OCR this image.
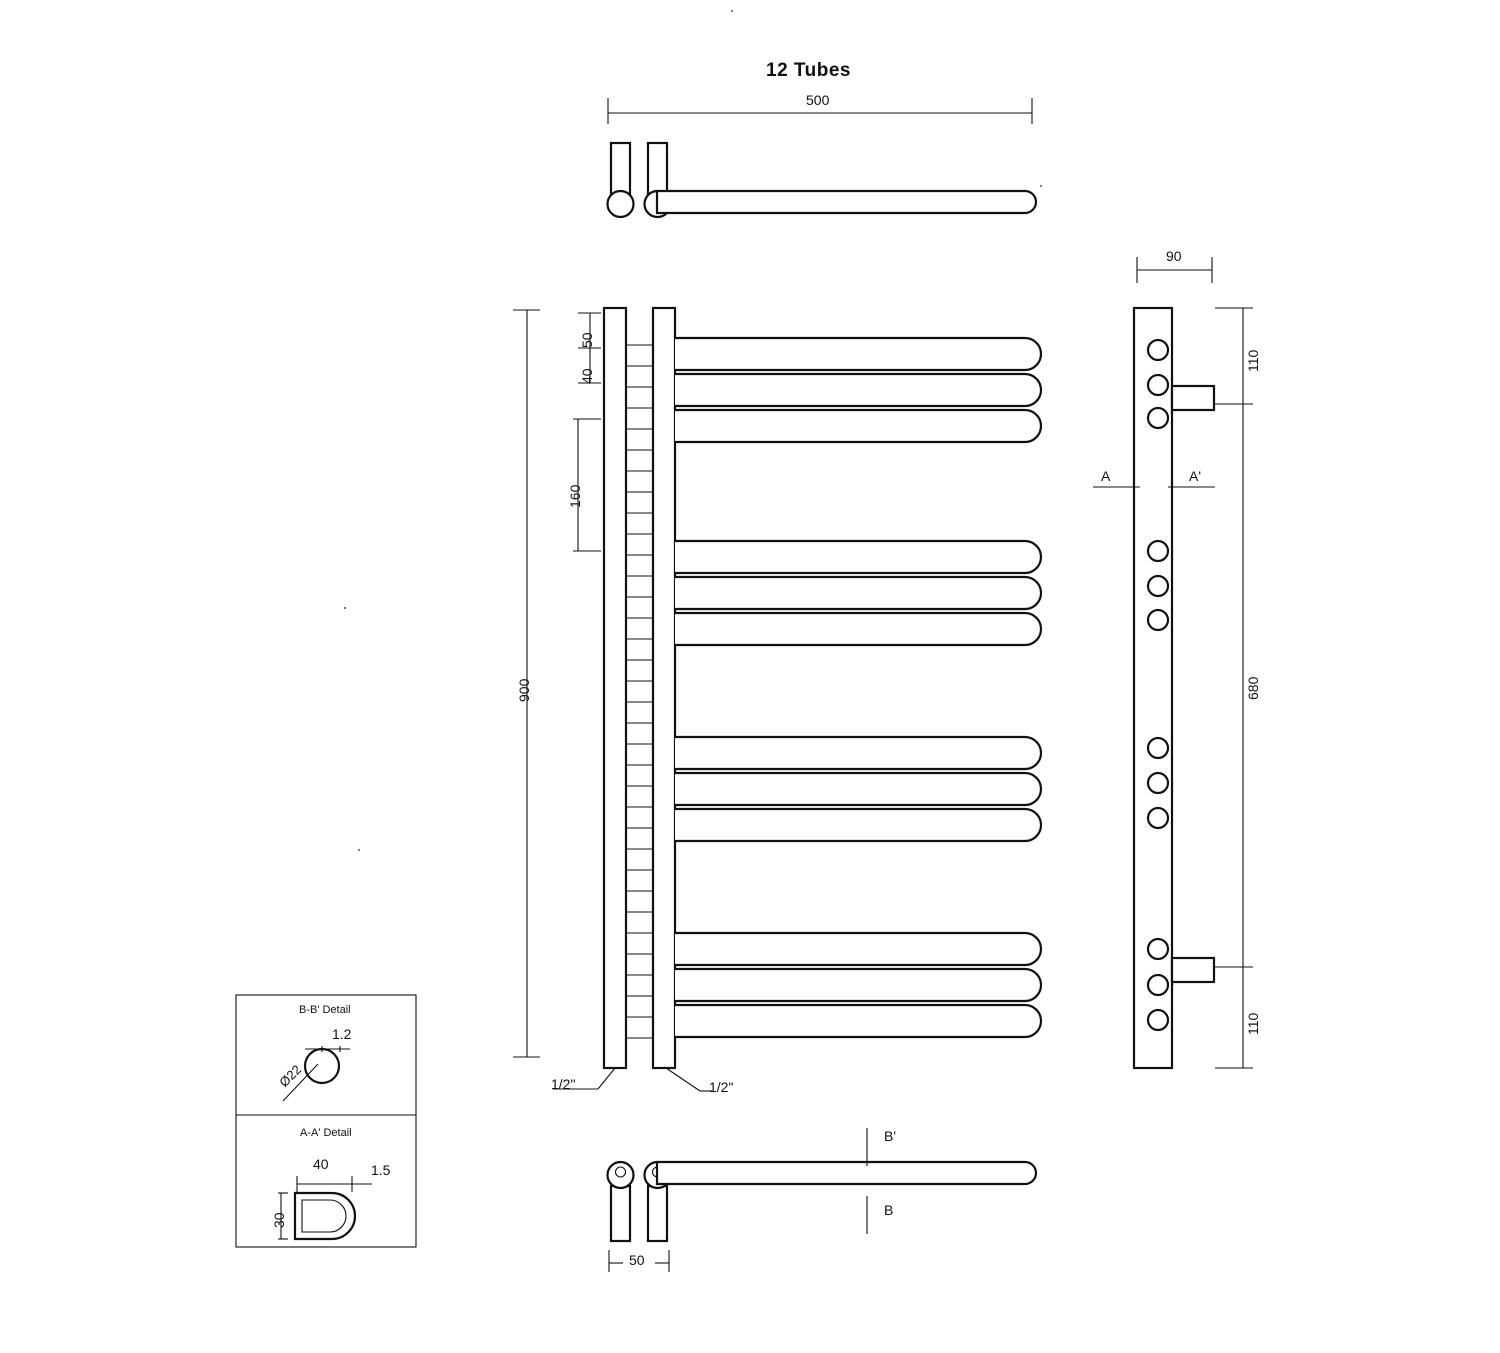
12 Tubes
500
50
40
160
900
1/2"	1/2"
90
110
680
110
A	A'
B'
B
50
B-B' Detail
1.2
Ø22
A-A' Detail
40	1.5
30
